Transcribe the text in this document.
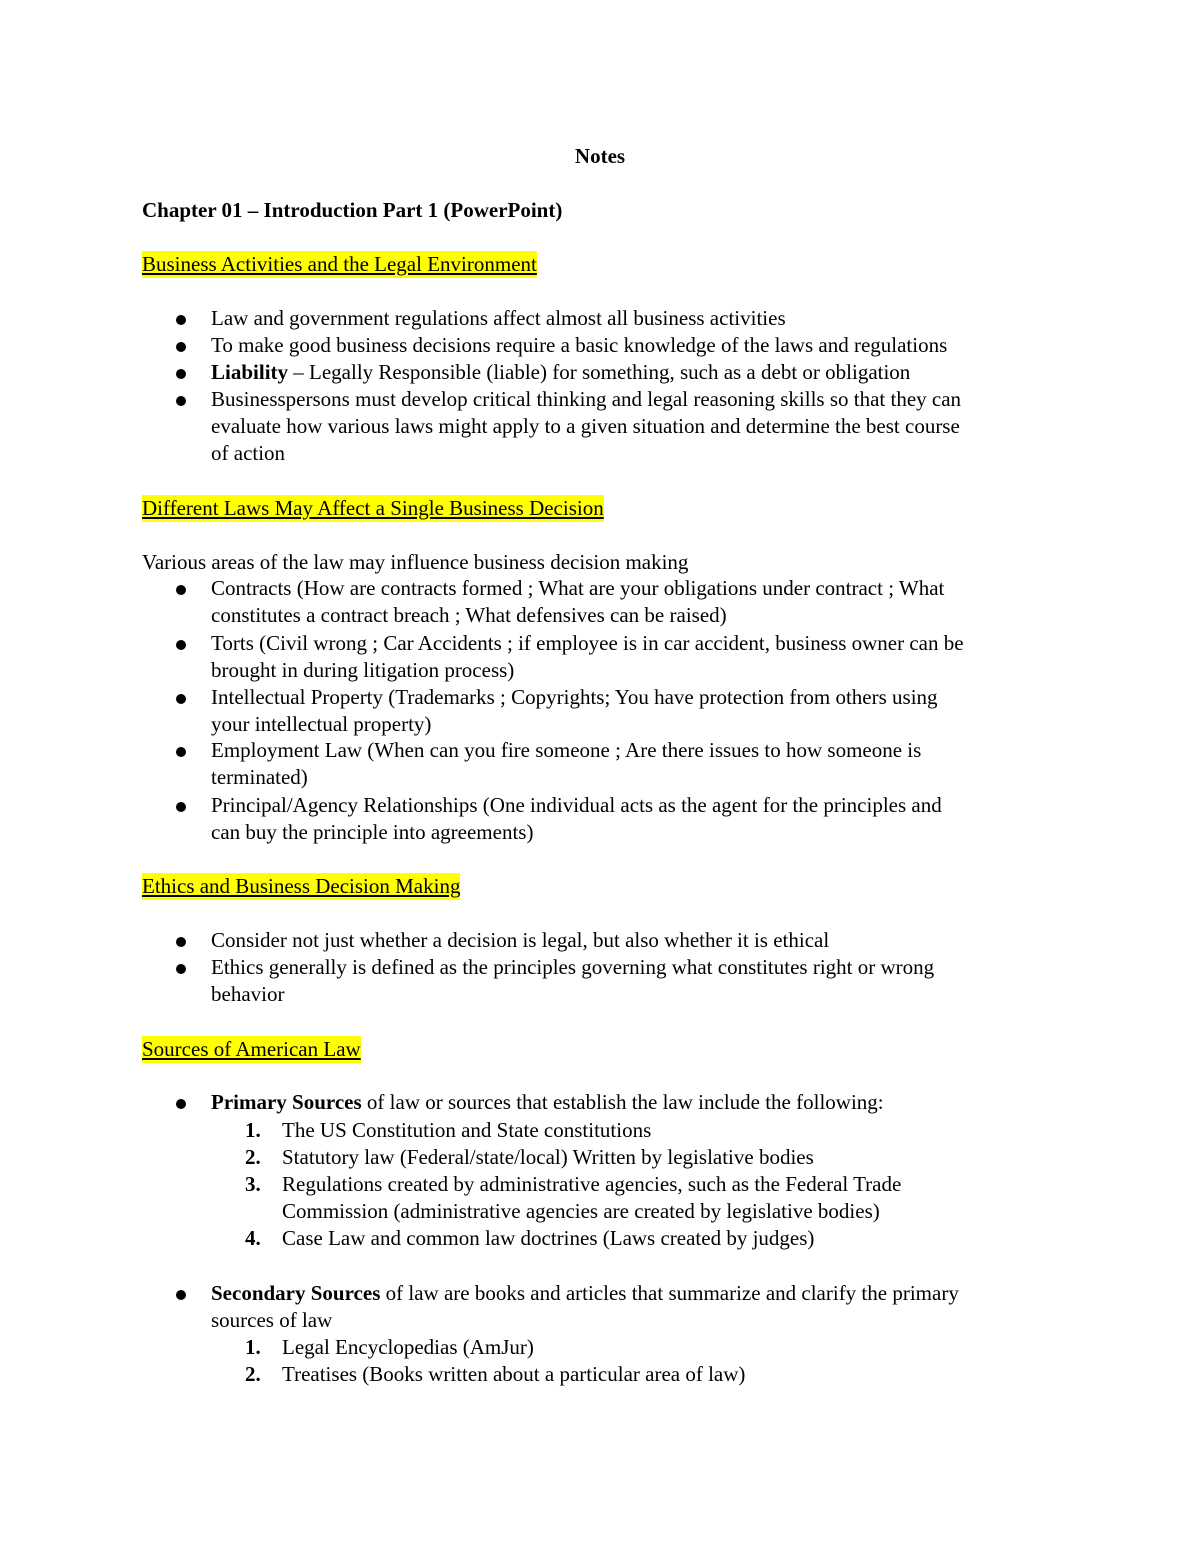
Notes
Chapter 01 – Introduction Part 1 (PowerPoint)
Business Activities and the Legal Environment
Law and government regulations affect almost all business activities
To make good business decisions require a basic knowledge of the laws and regulations
Liability – Legally Responsible (liable) for something, such as a debt or obligation
Businesspersons must develop critical thinking and legal reasoning skills so that they can
evaluate how various laws might apply to a given situation and determine the best course
of action
Different Laws May Affect a Single Business Decision
Various areas of the law may influence business decision making
Contracts (How are contracts formed ; What are your obligations under contract ; What
constitutes a contract breach ; What defensives can be raised)
Torts (Civil wrong ; Car Accidents ; if employee is in car accident, business owner can be
brought in during litigation process)
Intellectual Property (Trademarks ; Copyrights; You have protection from others using
your intellectual property)
Employment Law (When can you fire someone ; Are there issues to how someone is
terminated)
Principal/Agency Relationships (One individual acts as the agent for the principles and
can buy the principle into agreements)
Ethics and Business Decision Making
Consider not just whether a decision is legal, but also whether it is ethical
Ethics generally is defined as the principles governing what constitutes right or wrong
behavior
Sources of American Law
Primary Sources of law or sources that establish the law include the following:
1. The US Constitution and State constitutions
2. Statutory law (Federal/state/local) Written by legislative bodies
3. Regulations created by administrative agencies, such as the Federal Trade
Commission (administrative agencies are created by legislative bodies)
4. Case Law and common law doctrines (Laws created by judges)
Secondary Sources of law are books and articles that summarize and clarify the primary
sources of law
1. Legal Encyclopedias (AmJur)
2. Treatises (Books written about a particular area of law)
